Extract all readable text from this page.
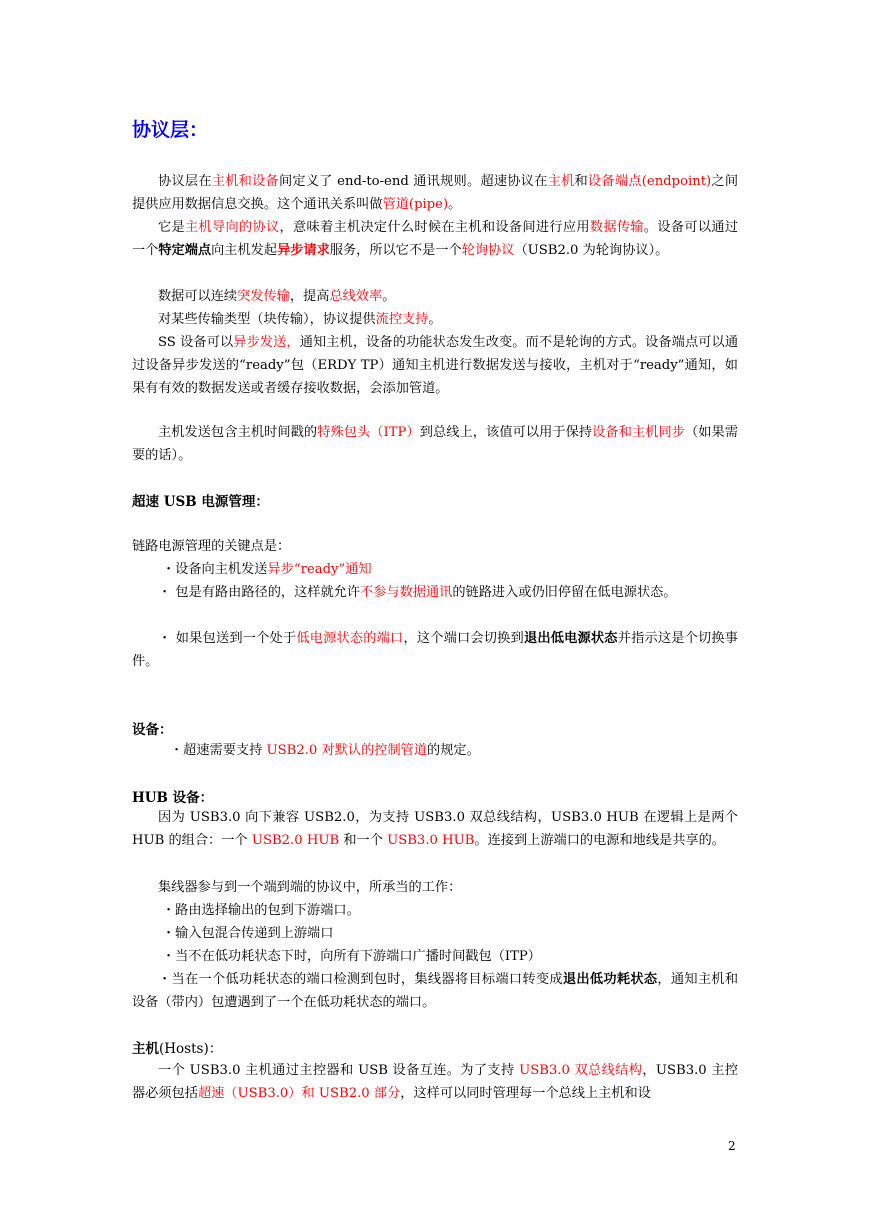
协议层：
协议层在主机和设备间定义了 end-to-end 通讯规则。超速协议在主机和设备端点(endpoint)之间提供应用数据信息交换。这个通讯关系叫做管道(pipe)。
它是主机导向的协议，意味着主机决定什么时候在主机和设备间进行应用数据传输。设备可以通过一个特定端点向主机发起异步请求服务，所以它不是一个轮询协议（USB2.0 为轮询协议）。
数据可以连续突发传输，提高总线效率。
对某些传输类型（块传输），协议提供流控支持。
SS 设备可以异步发送，通知主机，设备的功能状态发生改变。而不是轮询的方式。设备端点可以通过设备异步发送的“ready”包（ERDY TP）通知主机进行数据发送与接收，主机对于“ready”通知，如果有有效的数据发送或者缓存接收数据，会添加管道。
主机发送包含主机时间戳的特殊包头（ITP）到总线上，该值可以用于保持设备和主机同步（如果需要的话）。
超速 USB 电源管理：
链路电源管理的关键点是：
・设备向主机发送异步“ready”通知
・ 包是有路由路径的，这样就允许不参与数据通讯的链路进入或仍旧停留在低电源状态。
・ 如果包送到一个处于低电源状态的端口，这个端口会切换到退出低电源状态并指示这是个切换事件。
设备：
・超速需要支持 USB2.0 对默认的控制管道的规定。
HUB 设备：
因为 USB3.0 向下兼容 USB2.0，为支持 USB3.0 双总线结构，USB3.0 HUB 在逻辑上是两个 HUB 的组合：一个 USB2.0 HUB 和一个 USB3.0 HUB。连接到上游端口的电源和地线是共享的。
集线器参与到一个端到端的协议中，所承当的工作：
・路由选择输出的包到下游端口。
・输入包混合传递到上游端口
・当不在低功耗状态下时，向所有下游端口广播时间戳包（ITP）
・当在一个低功耗状态的端口检测到包时，集线器将目标端口转变成退出低功耗状态，通知主机和设备（带内）包遭遇到了一个在低功耗状态的端口。
主机(Hosts)：
一个 USB3.0 主机通过主控器和 USB 设备互连。为了支持 USB3.0 双总线结构，USB3.0 主控器必须包括超速（USB3.0）和 USB2.0 部分，这样可以同时管理每一个总线上主机和设
2
